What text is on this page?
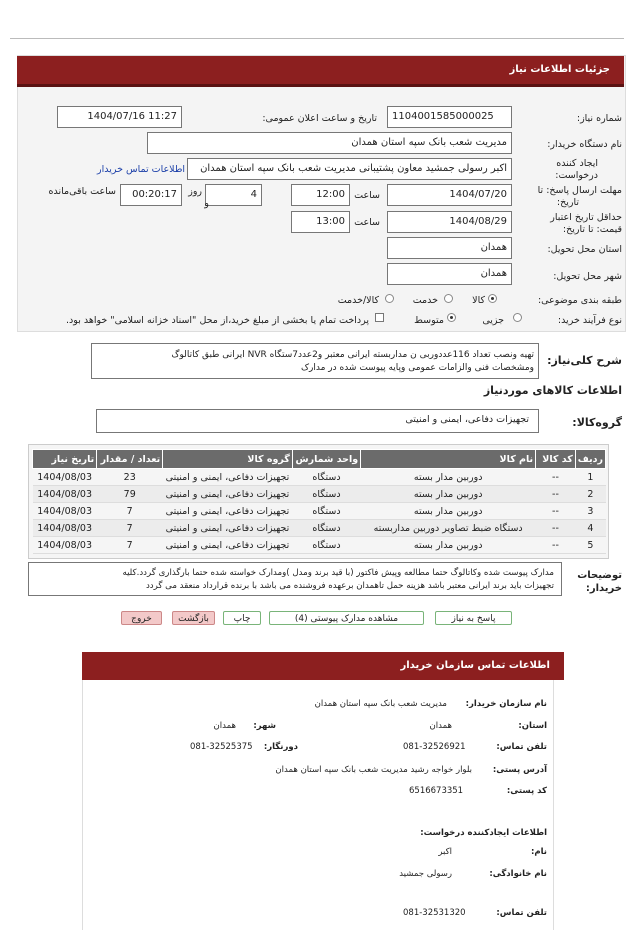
جزئیات اطلاعات نیاز
شماره نیاز:
1104001585000025
تاریخ و ساعت اعلان عمومی:
1404/07/16 11:27
نام دستگاه خریدار:
مدیریت شعب بانک سپه استان همدان
ایجاد کننده
درخواست:
اکبر رسولی جمشید معاون پشتیبانی مدیریت شعب بانک سپه استان همدان
اطلاعات تماس خریدار
مهلت ارسال پاسخ: تا
تاریخ:
1404/07/20
ساعت
12:00
4
روز
و
00:20:17
ساعت باقی‌مانده
حداقل تاریخ اعتبار
قیمت: تا تاریخ:
1404/08/29
ساعت
13:00
استان محل تحویل:
همدان
شهر محل تحویل:
همدان
طبقه بندی موضوعی:
کالا
خدمت
کالا/خدمت
نوع فرآیند خرید:
جزیی
متوسط
پرداخت تمام یا بخشی از مبلغ خرید،از محل "اسناد خزانه اسلامی" خواهد بود.
شرح کلی‌نیاز:
تهیه ونصب تعداد 116عددوربی ن مداربسته ایرانی معتبر و2عدد7ستگاه NVR ایرانی طبق کاتالوگ
ومشخصات فنی والزامات عمومی وپایه پیوست شده در مدارک
اطلاعات کالاهای موردنیاز
گروه‌کالا:
تجهیزات دفاعی، ایمنی و امنیتی
ردیف	کد کالا	نام کالا	واحد شمارش	گروه کالا	تعداد / مقدار	تاریخ نیاز
1	--	دوربین مدار بسته	دستگاه	تجهیزات دفاعی، ایمنی و امنیتی	23	1404/08/03
2	--	دوربین مدار بسته	دستگاه	تجهیزات دفاعی، ایمنی و امنیتی	79	1404/08/03
3	--	دوربین مدار بسته	دستگاه	تجهیزات دفاعی، ایمنی و امنیتی	7	1404/08/03
4	--	دستگاه ضبط تصاویر دوربین مداربسته	دستگاه	تجهیزات دفاعی، ایمنی و امنیتی	7	1404/08/03
5	--	دوربین مدار بسته	دستگاه	تجهیزات دفاعی، ایمنی و امنیتی	7	1404/08/03
توضیحات
خریدار:
مدارک پیوست شده وکاتالوگ حتما مطالعه وپیش فاکتور (با قید برند ومدل )ومدارک خواسته شده حتما بارگذاری گردد.کلیه
تجهیزات باید برند ایرانی معتبر باشد هزینه حمل تاهمدان برعهده فروشنده می باشد با برنده قرارداد منعقد می گردد
پاسخ به نیاز
مشاهده مدارک پیوستی (4)
چاپ
بازگشت
خروج
اطلاعات تماس سازمان خریدار
نام سازمان خریدار:
مدیریت شعب بانک سپه استان همدان
استان:
همدان
شهر:
همدان
تلفن تماس:
081-32526921
دورنگار:
081-32525375
آدرس پستی:
بلوار خواجه رشید مدیریت شعب بانک سپه استان همدان
کد پستی:
6516673351
اطلاعات ایجادکننده درخواست:
نام:
اکبر
نام خانوادگی:
رسولی جمشید
تلفن تماس:
081-32531320
